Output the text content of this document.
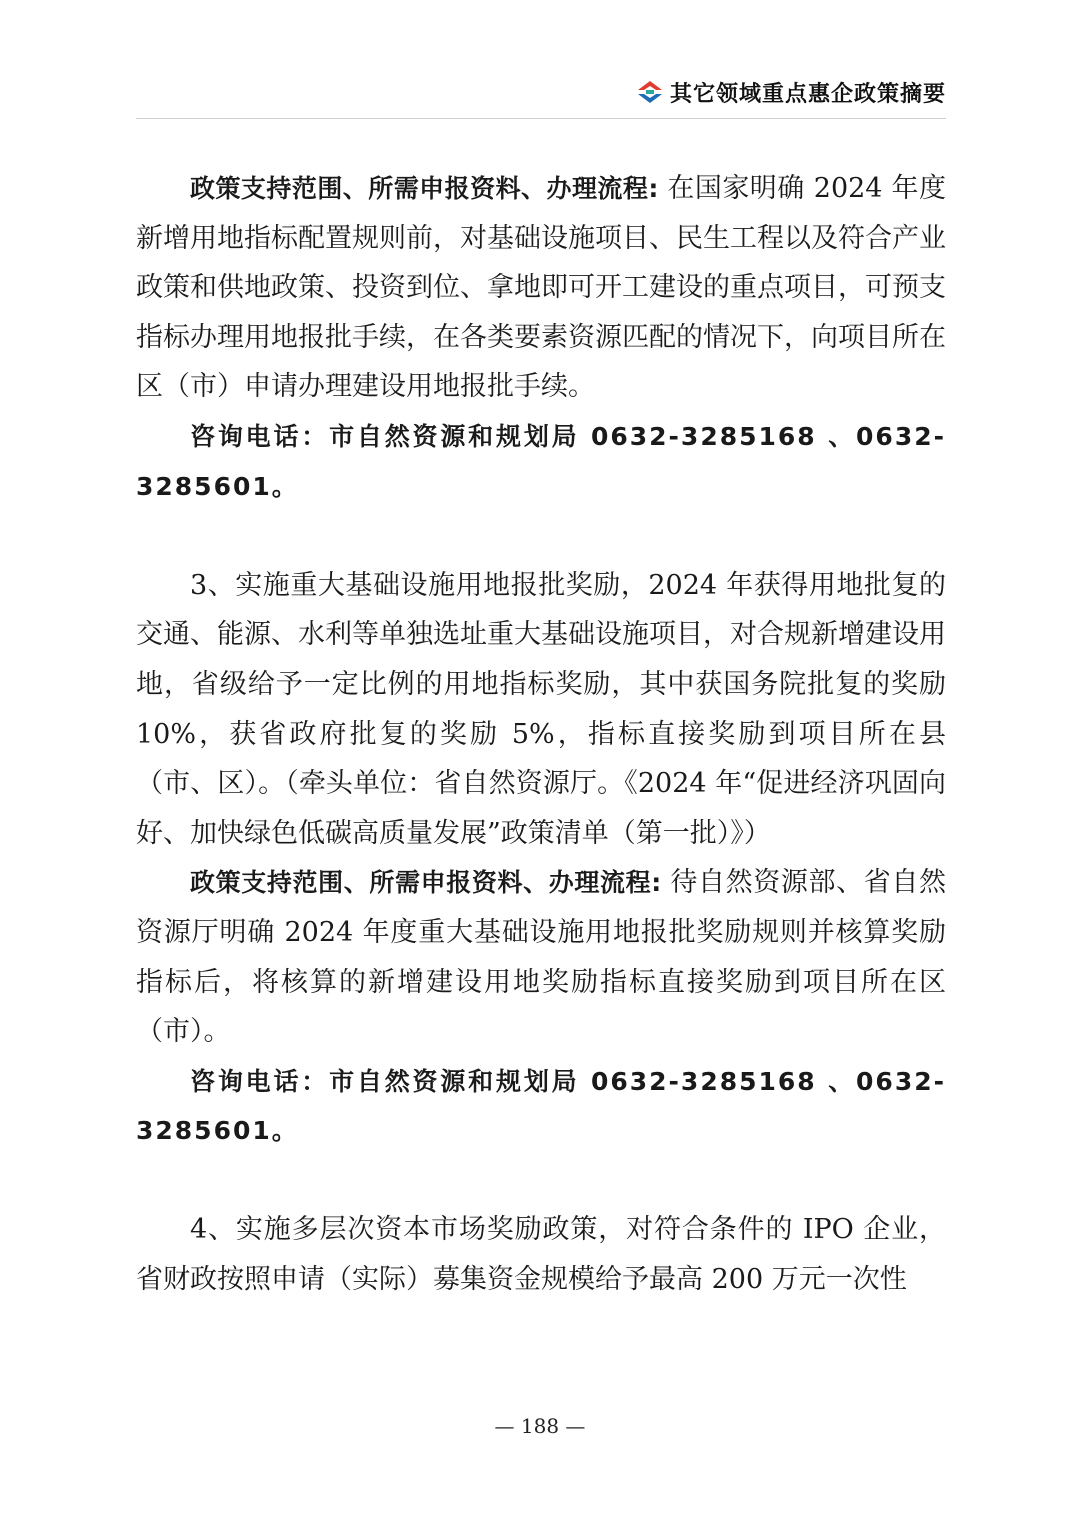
其它领域重点惠企政策摘要

政策支持范围、所需申报资料、办理流程: 在国家明确 2024 年度新增用地指标配置规则前，对基础设施项目、民生工程以及符合产业政策和供地政策、投资到位、拿地即可开工建设的重点项目，可预支指标办理用地报批手续，在各类要素资源匹配的情况下，向项目所在区（市）申请办理建设用地报批手续。

咨询电话：市自然资源和规划局 0632-3285168 、0632-3285601。

3、实施重大基础设施用地报批奖励，2024 年获得用地批复的交通、能源、水利等单独选址重大基础设施项目，对合规新增建设用地，省级给予一定比例的用地指标奖励，其中获国务院批复的奖励 10%，获省政府批复的奖励 5%，指标直接奖励到项目所在县（市、区）。（牵头单位：省自然资源厅。《2024 年“促进经济巩固向好、加快绿色低碳高质量发展”政策清单（第一批）》）

政策支持范围、所需申报资料、办理流程: 待自然资源部、省自然资源厅明确 2024 年度重大基础设施用地报批奖励规则并核算奖励指标后，将核算的新增建设用地奖励指标直接奖励到项目所在区（市）。

咨询电话：市自然资源和规划局 0632-3285168 、0632-3285601。

4、实施多层次资本市场奖励政策，对符合条件的 IPO 企业，省财政按照申请（实际）募集资金规模给予最高 200 万元一次性

— 188 —
